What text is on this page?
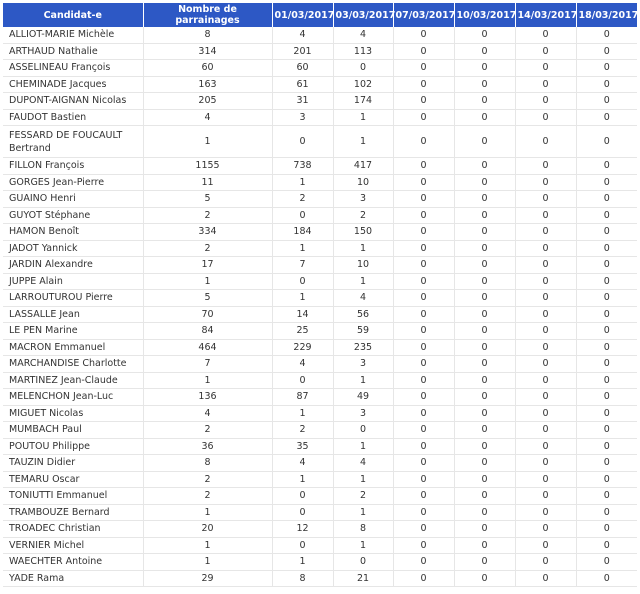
Candidat-e	Nombre de parrainages	01/03/2017	03/03/2017	07/03/2017	10/03/2017	14/03/2017	18/03/2017
ALLIOT-MARIE Michèle	8	4	4	0	0	0	0
ARTHAUD Nathalie	314	201	113	0	0	0	0
ASSELINEAU François	60	60	0	0	0	0	0
CHEMINADE Jacques	163	61	102	0	0	0	0
DUPONT-AIGNAN Nicolas	205	31	174	0	0	0	0
FAUDOT Bastien	4	3	1	0	0	0	0
FESSARD DE FOUCAULT Bertrand	1	0	1	0	0	0	0
FILLON François	1155	738	417	0	0	0	0
GORGES Jean-Pierre	11	1	10	0	0	0	0
GUAINO Henri	5	2	3	0	0	0	0
GUYOT Stéphane	2	0	2	0	0	0	0
HAMON Benoît	334	184	150	0	0	0	0
JADOT Yannick	2	1	1	0	0	0	0
JARDIN Alexandre	17	7	10	0	0	0	0
JUPPE Alain	1	0	1	0	0	0	0
LARROUTUROU Pierre	5	1	4	0	0	0	0
LASSALLE Jean	70	14	56	0	0	0	0
LE PEN Marine	84	25	59	0	0	0	0
MACRON Emmanuel	464	229	235	0	0	0	0
MARCHANDISE Charlotte	7	4	3	0	0	0	0
MARTINEZ Jean-Claude	1	0	1	0	0	0	0
MELENCHON Jean-Luc	136	87	49	0	0	0	0
MIGUET Nicolas	4	1	3	0	0	0	0
MUMBACH Paul	2	2	0	0	0	0	0
POUTOU Philippe	36	35	1	0	0	0	0
TAUZIN Didier	8	4	4	0	0	0	0
TEMARU Oscar	2	1	1	0	0	0	0
TONIUTTI Emmanuel	2	0	2	0	0	0	0
TRAMBOUZE Bernard	1	0	1	0	0	0	0
TROADEC Christian	20	12	8	0	0	0	0
VERNIER Michel	1	0	1	0	0	0	0
WAECHTER Antoine	1	1	0	0	0	0	0
YADE Rama	29	8	21	0	0	0	0
